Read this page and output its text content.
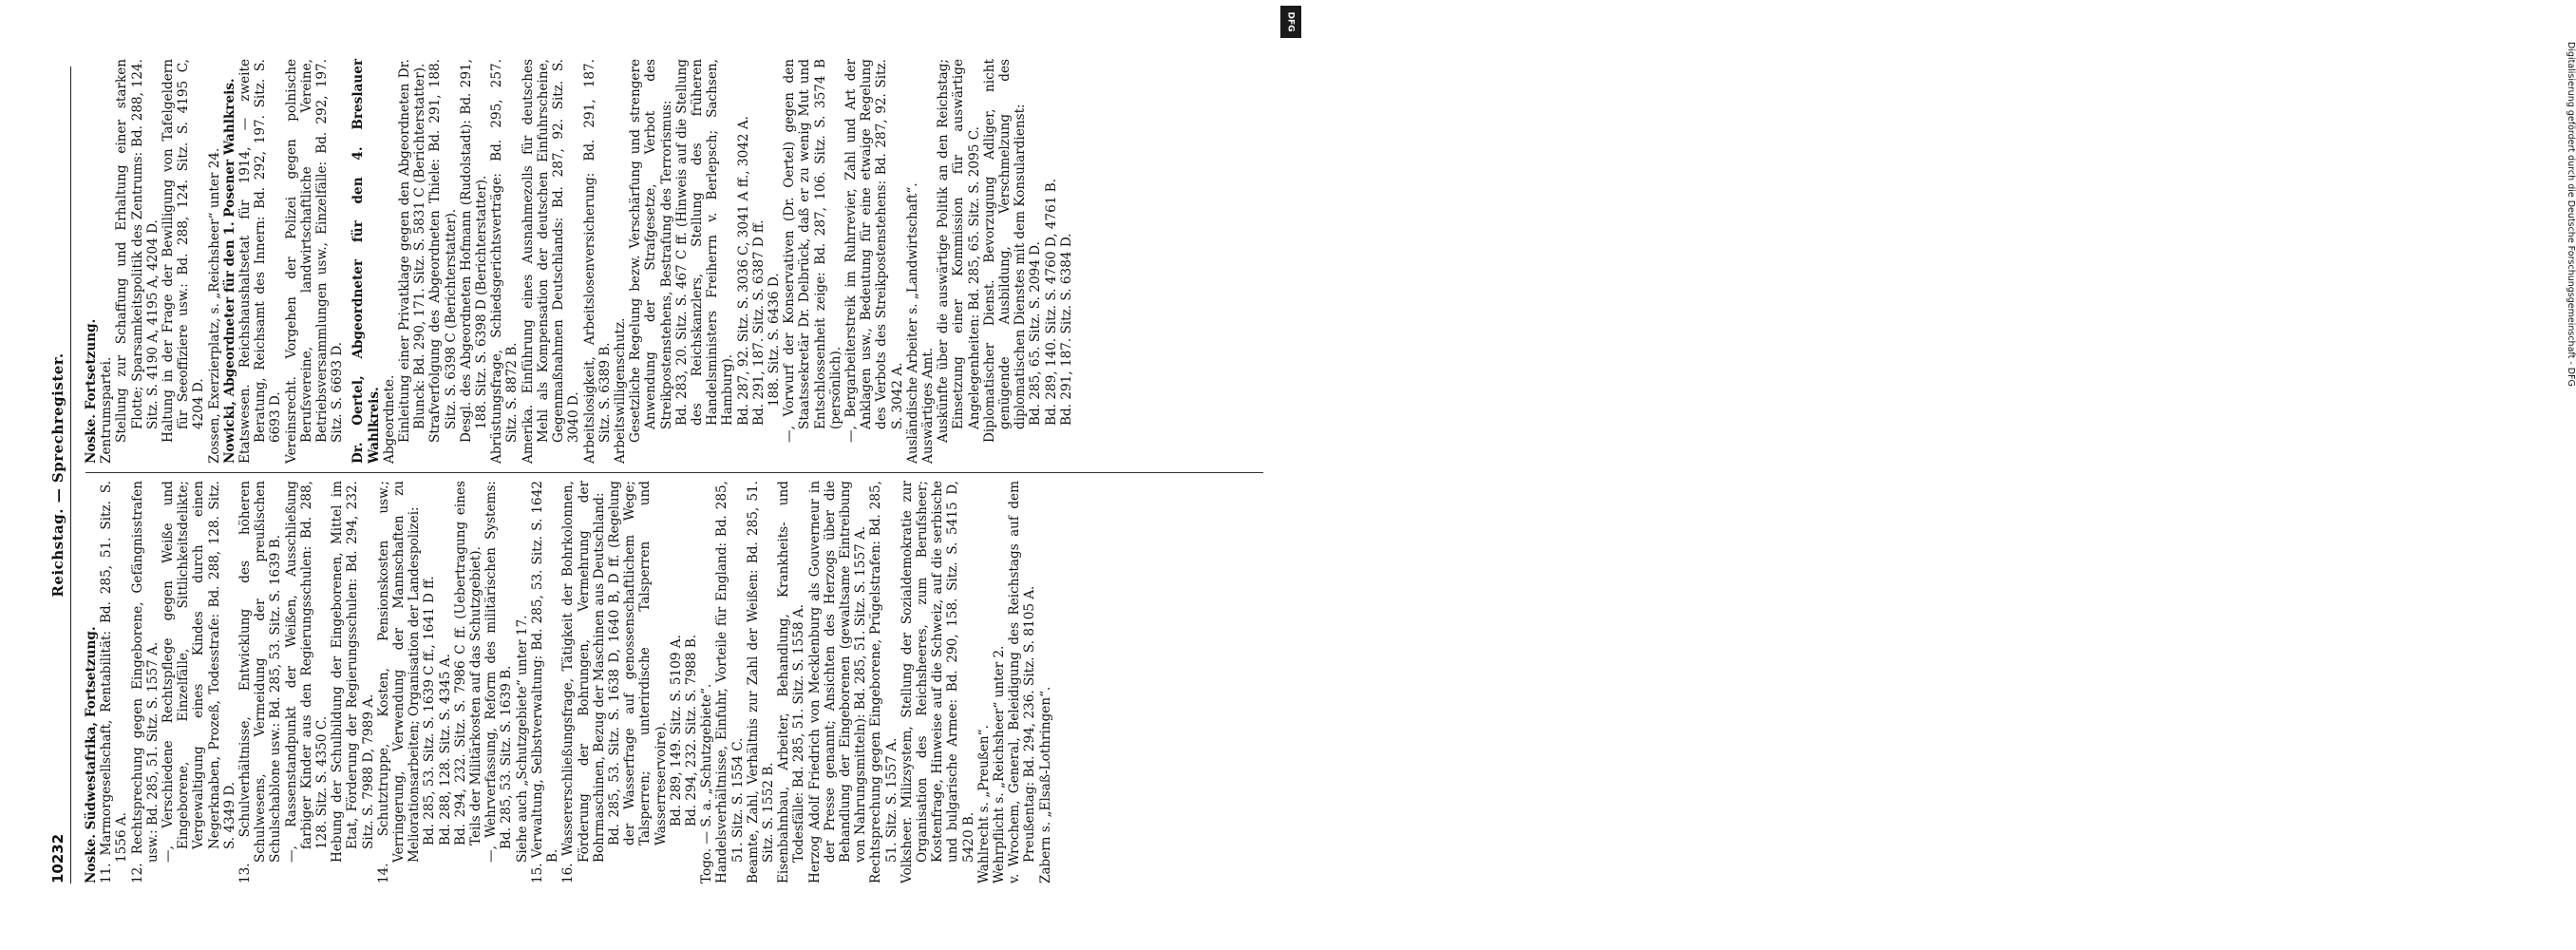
10232
Reichstag. — Sprechregister.

Noske. Südwestafrika, Fortsetzung. 11. Marmorgesellschaft, Rentabilität: Bd. 285, 51. Sitz. S. 1556 A. 12. Rechtsprechung gegen Eingeborene, Gefängnisstrafen usw.: Bd. 285, 51. Sitz. S. 1557 A. —, Verschiedene Rechtspflege gegen Weiße und Eingeborene, Einzelfälle, Sittlichkeitsdelikte; Vergewaltigung eines Kindes durch einen Negerknaben, Prozeß, Todesstrafe: Bd. 288, 128. Sitz. S. 4349 D. 13. Schulverhältnisse, Entwicklung des höheren Schulwesens, Vermeidung der preußischen Schulschablone usw.: Bd. 285, 53. Sitz. S. 1639 B. —, Rassenstandpunkt der Weißen, Ausschließung farbiger Kinder aus den Regierungsschulen: Bd. 288, 128. Sitz. S. 4350 C. Hebung der Schulbildung der Eingeborenen, Mittel im Etat, Förderung der Regierungsschulen: Bd. 294, 232. Sitz. S. 7988 D, 7989 A. 14. Schutztruppe, Kosten, Pensionskosten usw.; Verringerung, Verwendung der Mannschaften zu Meliorationsarbeiten; Organisation der Landespolizei: Bd. 285, 53. Sitz. S. 1639 C ff., 1641 D ff. Bd. 288, 128. Sitz. S. 4345 A. Bd. 294, 232. Sitz. S. 7986 C ff. (Uebertragung eines Teils der Militärkosten auf das Schutzgebiet). —, Wehrverfassung, Reform des militärischen Systems: Bd. 285, 53. Sitz. S. 1639 B. Siehe auch „Schutzgebiete“ unter 17. 15. Verwaltung, Selbstverwaltung: Bd. 285, 53. Sitz. S. 1642 B. 16. Wassererschließungsfrage, Tätigkeit der Bohrkolonnen, Förderung der Bohrungen, Vermehrung der Bohrmaschinen, Bezug der Maschinen aus Deutschland: Bd. 285, 53. Sitz. S. 1638 D, 1640 B, D ff. (Regelung der Wasserfrage auf genossenschaftlichem Wege; Talsperren; unterirdische Talsperren und Wasserreservoire). Bd. 289, 149. Sitz. S. 5109 A. Bd. 294, 232. Sitz. S. 7988 B. Togo. — S. a. „Schutzgebiete“. Handelsverhältnisse, Einfuhr, Vorteile für England: Bd. 285, 51. Sitz. S. 1554 C. Beamte, Zahl, Verhältnis zur Zahl der Weißen: Bd. 285, 51. Sitz. S. 1552 B. Eisenbahnbau, Arbeiter, Behandlung, Krankheits- und Todesfälle: Bd. 285, 51. Sitz. S. 1558 A. Herzog Adolf Friedrich von Mecklenburg als Gouverneur in der Presse genannt; Ansichten des Herzogs über die Behandlung der Eingeborenen (gewaltsame Eintreibung von Nahrungsmitteln): Bd. 285, 51. Sitz. S. 1557 A. Rechtsprechung gegen Eingeborene, Prügelstrafen: Bd. 285, 51. Sitz. S. 1557 A. Volksheer. Milizsystem, Stellung der Sozialdemokratie zur Organisation des Reichsheeres, zum Berufsheer; Kostenfrage, Hinweise auf die Schweiz, auf die serbische und bulgarische Armee: Bd. 290, 158. Sitz. S. 5415 D, 5420 B. Wahlrecht s. „Preußen“. Wehrpflicht s. „Reichsheer“ unter 2. v. Wrochem, General, Beleidigung des Reichstags auf dem Preußentag: Bd. 294, 236. Sitz. S. 8105 A. Zabern s. „Elsaß-Lothringen“.

Noske. Fortsetzung. Zentrumspartei. Stellung zur Schaffung und Erhaltung einer starken Flotte; Sparsamkeitspolitik des Zentrums: Bd. 288, 124. Sitz. S. 4190 A, 4195 A, 4204 D. Haltung in der Frage der Bewilligung von Tafelgeldern für Seeoffiziere usw.: Bd. 288, 124. Sitz. S. 4195 C, 4204 D. Zossen, Exerzierplatz, s. „Reichsheer“ unter 24. Nowicki, Abgeordneter für den 1. Posener Wahlkreis. Etatswesen. Reichshaushaltsetat für 1914, — zweite Beratung, Reichsamt des Innern: Bd. 292, 197. Sitz. S. 6693 D. Vereinsrecht. Vorgehen der Polizei gegen polnische Berufsvereine, landwirtschaftliche Vereine, Betriebsversammlungen usw., Einzelfälle: Bd. 292, 197. Sitz. S. 6693 D. Dr. Oertel, Abgeordneter für den 4. Breslauer Wahlkreis. Abgeordnete. Einleitung einer Privatklage gegen den Abgeordneten Dr. Blunck: Bd. 290, 171. Sitz. S. 5831 C (Berichterstatter). Strafverfolgung des Abgeordneten Thiele: Bd. 291, 188. Sitz. S. 6398 C (Berichterstatter). Desgl. des Abgeordneten Hofmann (Rudolstadt): Bd. 291, 188. Sitz. S. 6398 D (Berichterstatter). Abrüstungsfrage, Schiedsgerichtsverträge: Bd. 295, 257. Sitz. S. 8872 B. Amerika. Einführung eines Ausnahmezolls für deutsches Mehl als Kompensation der deutschen Einfuhrscheine, Gegenmaßnahmen Deutschlands: Bd. 287, 92. Sitz. S. 3040 D. Arbeitslosigkeit, Arbeitslosenversicherung: Bd. 291, 187. Sitz. S. 6389 B. Arbeitswilligenschutz. Gesetzliche Regelung bezw. Verschärfung und strengere Anwendung der Strafgesetze, Verbot des Streikpostenstehens, Bestrafung des Terrorismus: Bd. 283, 20. Sitz. S. 467 C ff. (Hinweis auf die Stellung des Reichskanzlers, Stellung des früheren Handelsministers Freiherrn v. Berlepsch; Sachsen, Hamburg). Bd. 287, 92. Sitz. S. 3036 C, 3041 A ff., 3042 A. Bd. 291, 187. Sitz. S. 6387 D ff. 188. Sitz. S. 6436 D. —, Vorwurf der Konservativen (Dr. Oertel) gegen den Staatssekretär Dr. Delbrück, daß er zu wenig Mut und Entschlossenheit zeige: Bd. 287, 106. Sitz. S. 3574 B (persönlich). —, Bergarbeiterstreik im Ruhrrevier, Zahl und Art der Anklagen usw., Bedeutung für eine etwaige Regelung des Verbots des Streikpostenstehens: Bd. 287, 92. Sitz. S. 3042 A. Ausländische Arbeiter s. „Landwirtschaft“. Auswärtiges Amt. Auskünfte über die auswärtige Politik an den Reichstag; Einsetzung einer Kommission für auswärtige Angelegenheiten: Bd. 285, 65. Sitz. S. 2095 C. Diplomatischer Dienst. Bevorzugung Adliger, nicht genügende Ausbildung, Verschmelzung des diplomatischen Dienstes mit dem Konsulardienst: Bd. 285, 65. Sitz. S. 2094 D. Bd. 289, 140. Sitz. S. 4760 D, 4761 B. Bd. 291, 187. Sitz. S. 6384 D.

DFG
Digitalisierung gefördert durch die Deutsche Forschungsgemeinschaft - DFG
